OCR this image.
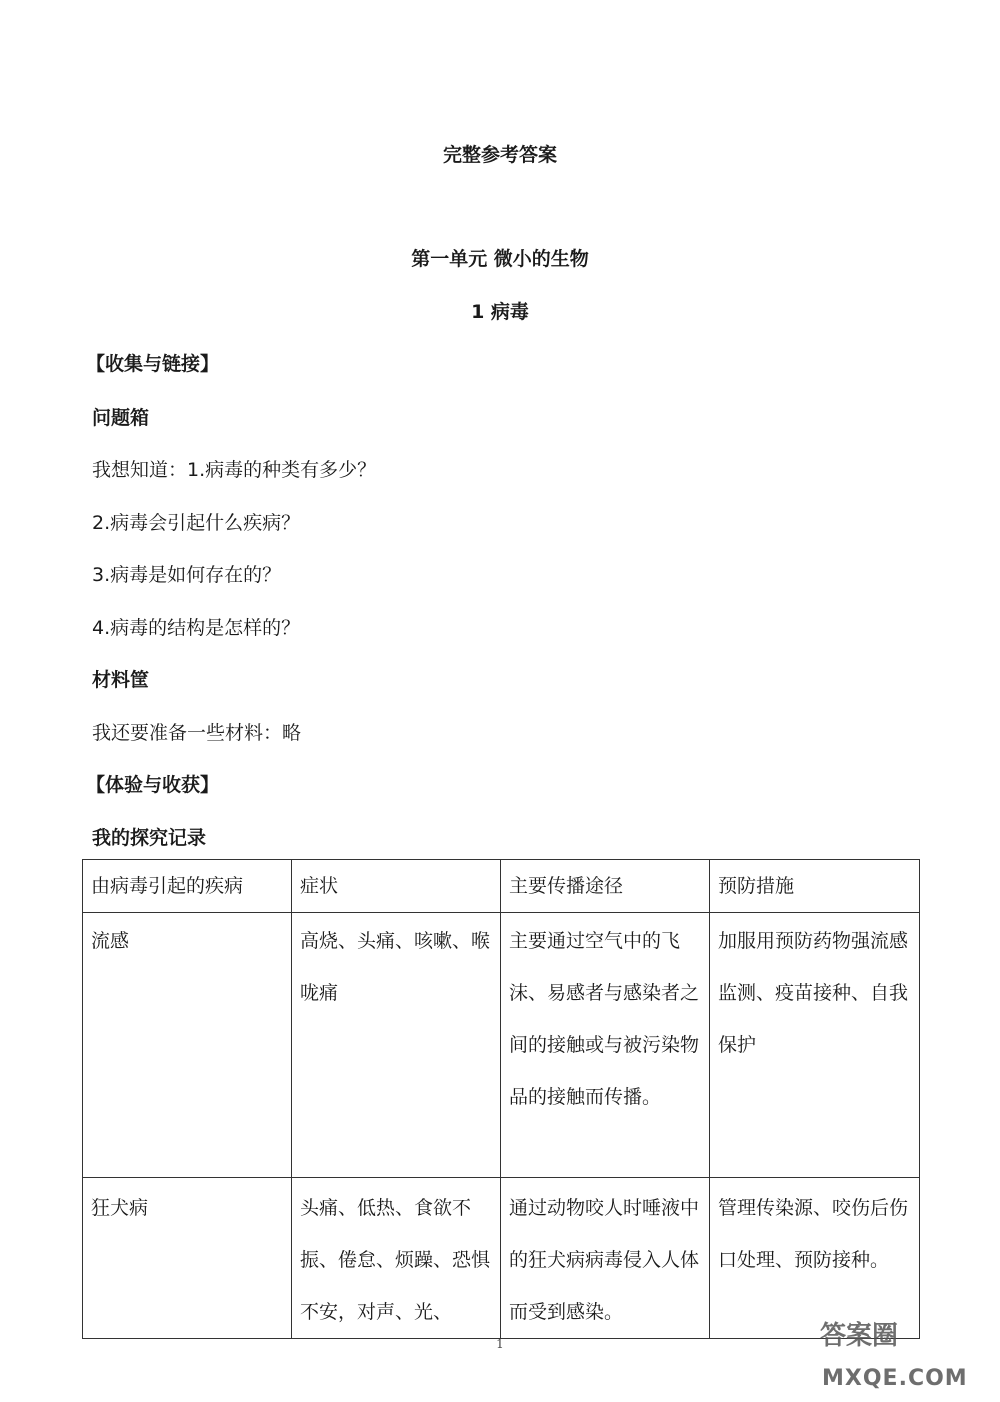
完整参考答案
第一单元 微小的生物
1 病毒
【收集与链接】
问题箱
我想知道：1.病毒的种类有多少？
2.病毒会引起什么疾病？
3.病毒是如何存在的？
4.病毒的结构是怎样的？
材料筐
我还要准备一些材料：略
【体验与收获】
我的探究记录
由病毒引起的疾病	症状	主要传播途径	预防措施
流感	高烧、头痛、咳嗽、喉咙痛	主要通过空气中的飞沫、易感者与感染者之间的接触或与被污染物品的接触而传播。	加服用预防药物强流感监测、疫苗接种、自我保护
狂犬病	头痛、低热、食欲不振、倦怠、烦躁、恐惧不安，对声、光、	通过动物咬人时唾液中的狂犬病病毒侵入人体而受到感染。	管理传染源、咬伤后伤口处理、预防接种。
1	答案圈
MXQE.COM
